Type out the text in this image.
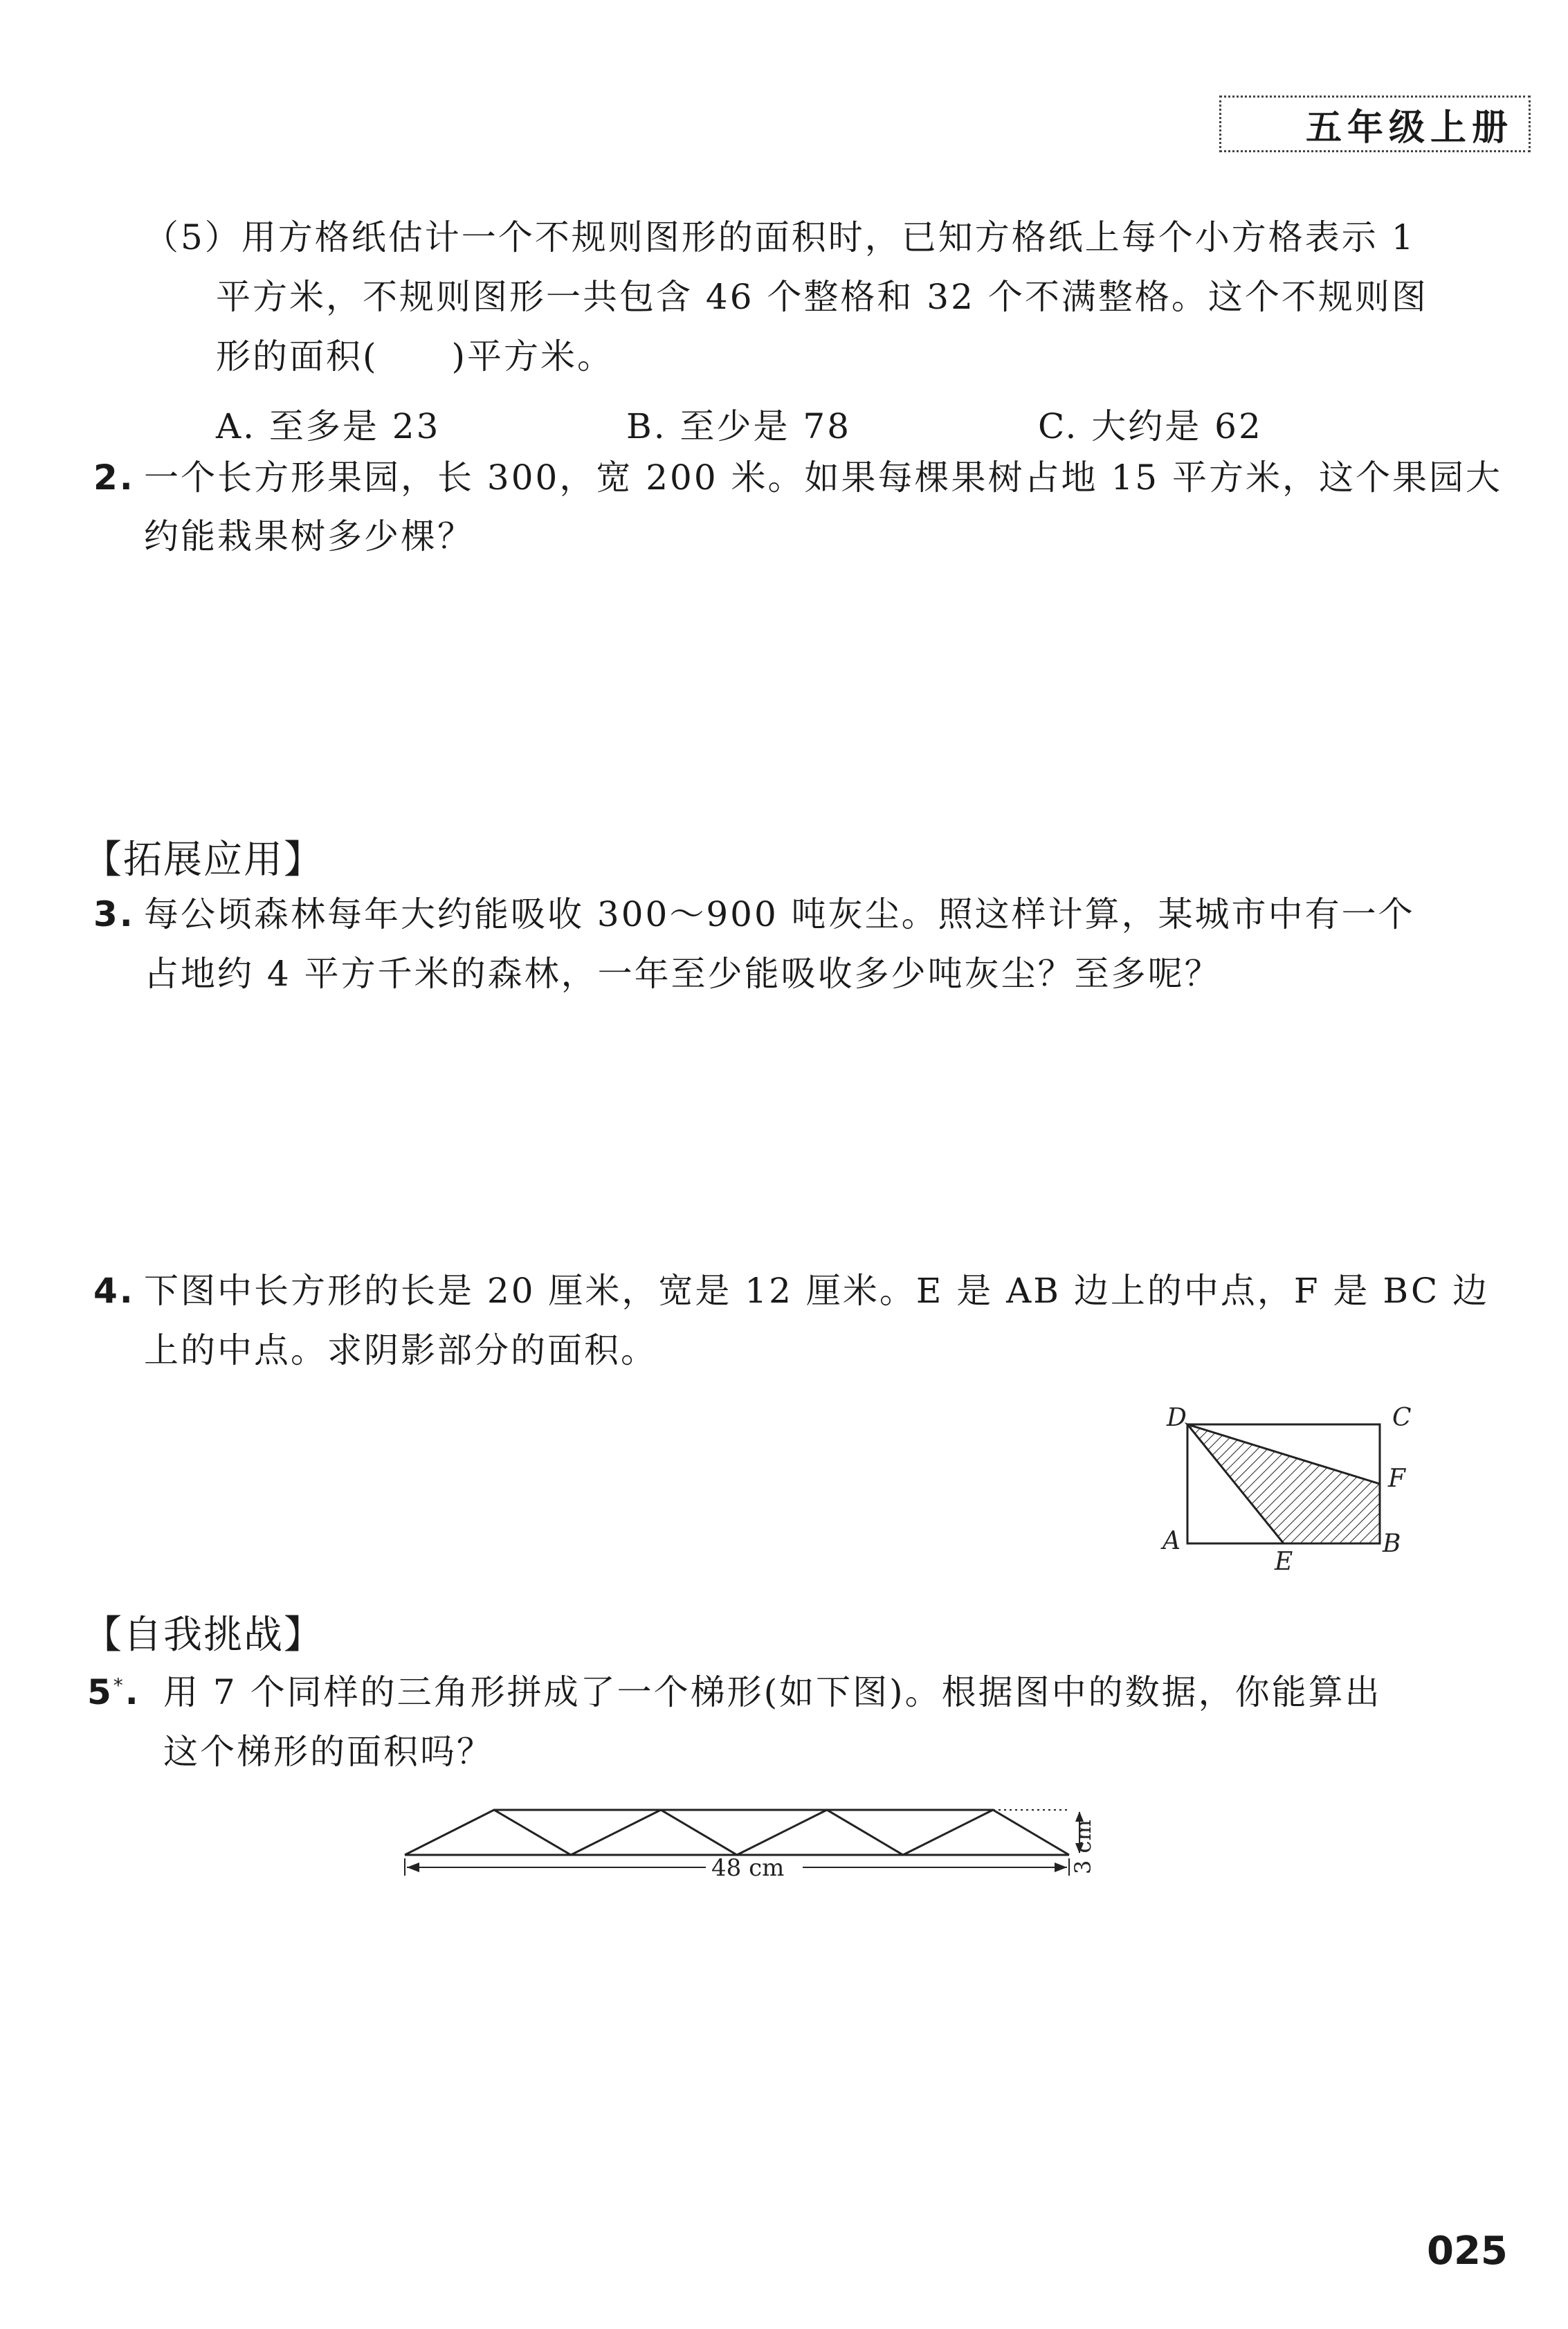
五年级上册
（5）用方格纸估计一个不规则图形的面积时，已知方格纸上每个小方格表示 1
平方米，不规则图形一共包含 46 个整格和 32 个不满整格。这个不规则图
形的面积(　　)平方米。
A. 至多是 23	B. 至少是 78	C. 大约是 62
2. 一个长方形果园，长 300，宽 200 米。如果每棵果树占地 15 平方米，这个果园大
约能栽果树多少棵？
【拓展应用】
3. 每公顷森林每年大约能吸收 300～900 吨灰尘。照这样计算，某城市中有一个
占地约 4 平方千米的森林，一年至少能吸收多少吨灰尘？至多呢？
4. 下图中长方形的长是 20 厘米，宽是 12 厘米。E 是 AB 边上的中点，F 是 BC 边
上的中点。求阴影部分的面积。
D	C
F
A
E
B
【自我挑战】
5*. 用 7 个同样的三角形拼成了一个梯形(如下图)。根据图中的数据，你能算出
这个梯形的面积吗？
48 cm	3 cm
025
